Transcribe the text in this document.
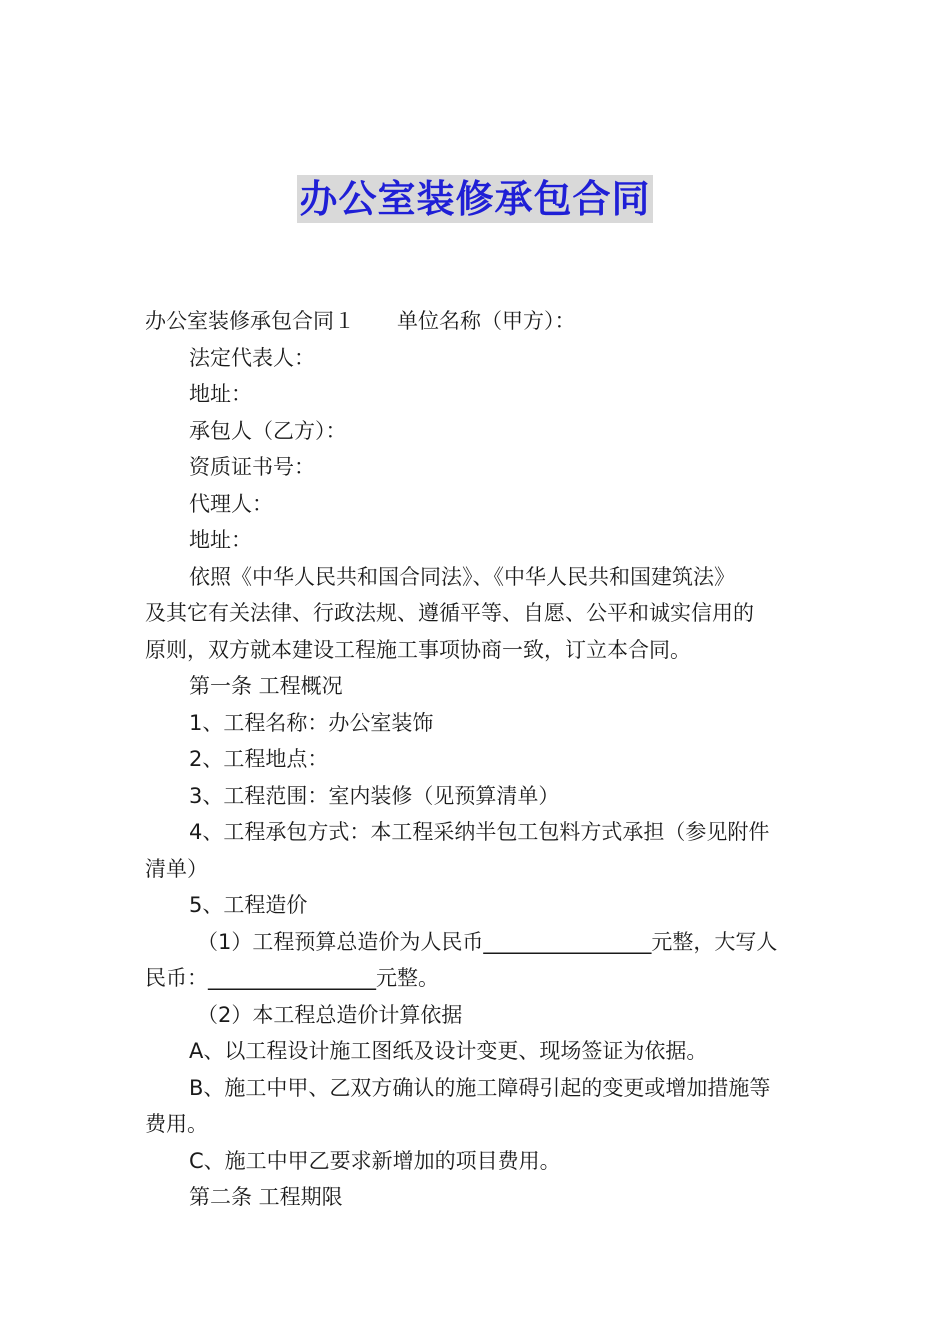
办公室装修承包合同

办公室装修承包合同１ 单位名称（甲方）：

法定代表人：

地址：

承包人（乙方）：

资质证书号：

代理人：

地址：

依照《中华人民共和国合同法》、《中华人民共和国建筑法》

及其它有关法律、行政法规、遵循平等、自愿、公平和诚实信用的

原则，双方就本建设工程施工事项协商一致，订立本合同。

第一条 工程概况

1、工程名称：办公室装饰

2、工程地点：

3、工程范围：室内装修（见预算清单）

4、工程承包方式：本工程采纳半包工包料方式承担（参见附件

清单）

5、工程造价

（1）工程预算总造价为人民币________________元整，大写人

民币：________________元整。

（2）本工程总造价计算依据

A、以工程设计施工图纸及设计变更、现场签证为依据。

B、施工中甲、乙双方确认的施工障碍引起的变更或增加措施等

费用。

C、施工中甲乙要求新增加的项目费用。

第二条 工程期限
